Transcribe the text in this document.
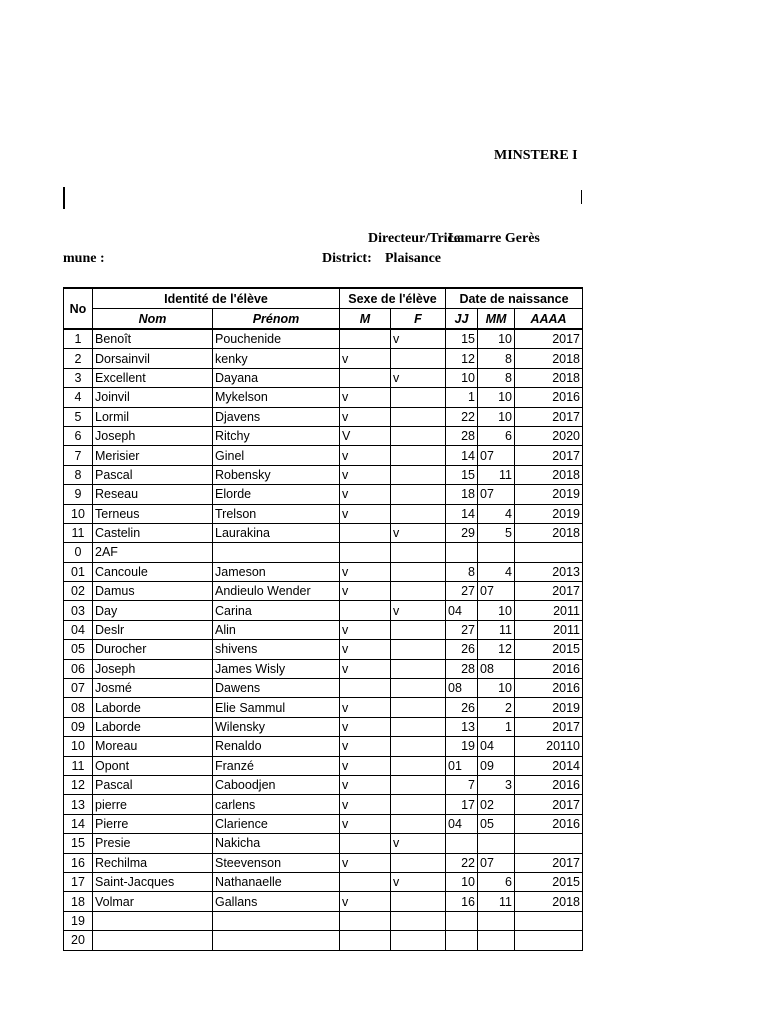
MINSTERE I
Directeur/Trice:
Lamarre Gerès
mune :	District: Plaisance
No	Identité de l'élève		Sexe de l'élève		Date de naissance		
	Nom	Prénom	M	F	JJ	MM	AAAA
1	Benoît	Pouchenide		v	15	10	2017
2	Dorsainvil	kenky	v		12	8	2018
3	Excellent	Dayana		v	10	8	2018
4	Joinvil	Mykelson	v		1	10	2016
5	Lormil	Djavens	v		22	10	2017
6	Joseph	Ritchy	V		28	6	2020
7	Merisier	Ginel	v		14	07	2017
8	Pascal	Robensky	v		15	11	2018
9	Reseau	Elorde	v		18	07	2019
10	Terneus	Trelson	v		14	4	2019
11	Castelin	Laurakina		v	29	5	2018
0	2AF						
01	Cancoule	Jameson	v		8	4	2013
02	Damus	Andieulo Wender	v		27	07	2017
03	Day	Carina		v	04	10	2011
04	Deslr	Alin	v		27	11	2011
05	Durocher	shivens	v		26	12	2015
06	Joseph	James Wisly	v		28	08	2016
07	Josmé	Dawens			08	10	2016
08	Laborde	Elie Sammul	v		26	2	2019
09	Laborde	Wilensky	v		13	1	2017
10	Moreau	Renaldo	v		19	04	20110
11	Opont	Franzé	v		01	09	2014
12	Pascal	Caboodjen	v		7	3	2016
13	pierre	carlens	v		17	02	2017
14	Pierre	Clarience	v		04	05	2016
15	Presie	Nakicha		v			
16	Rechilma	Steevenson	v		22	07	2017
17	Saint-Jacques	Nathanaelle		v	10	6	2015
18	Volmar	Gallans	v		16	11	2018
19							
20							
